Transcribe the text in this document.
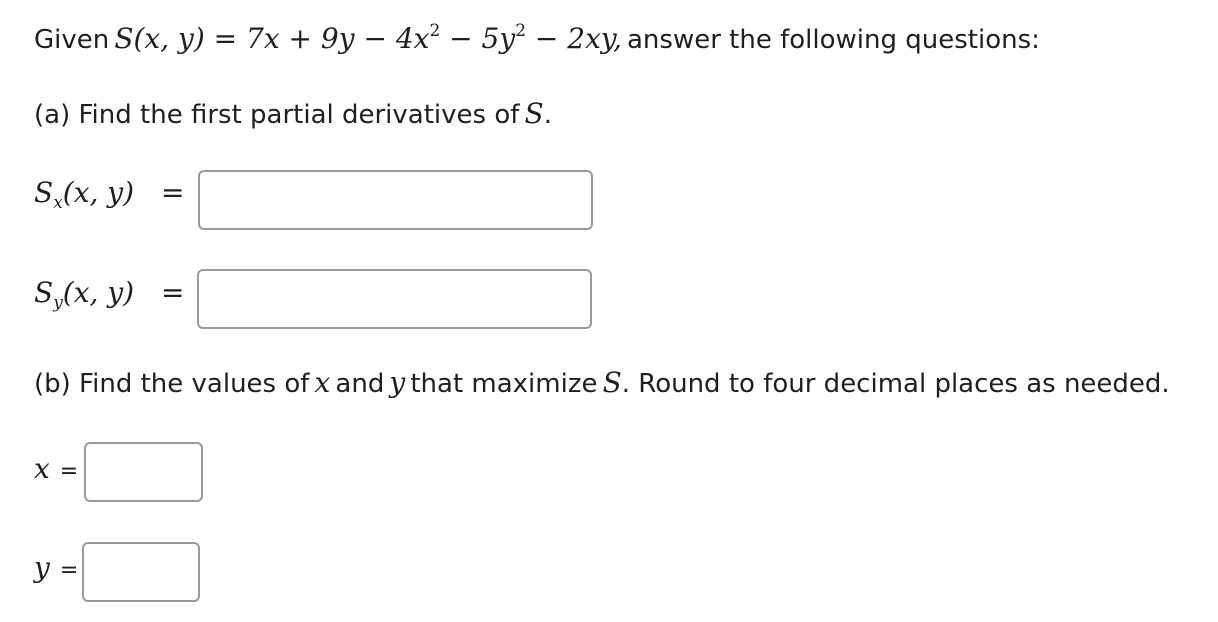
Given S(x, $y) = 7x + 9y - 4x^2 - 5y^2 - 2xy$, answer the following questions:
(a) Find the first partial derivatives of S.
$S_x(x$, y) =
$S_y(x$, y) =
(b) Find the values of x and y that maximize S. Round to four decimal places as needed.
x =
y =
